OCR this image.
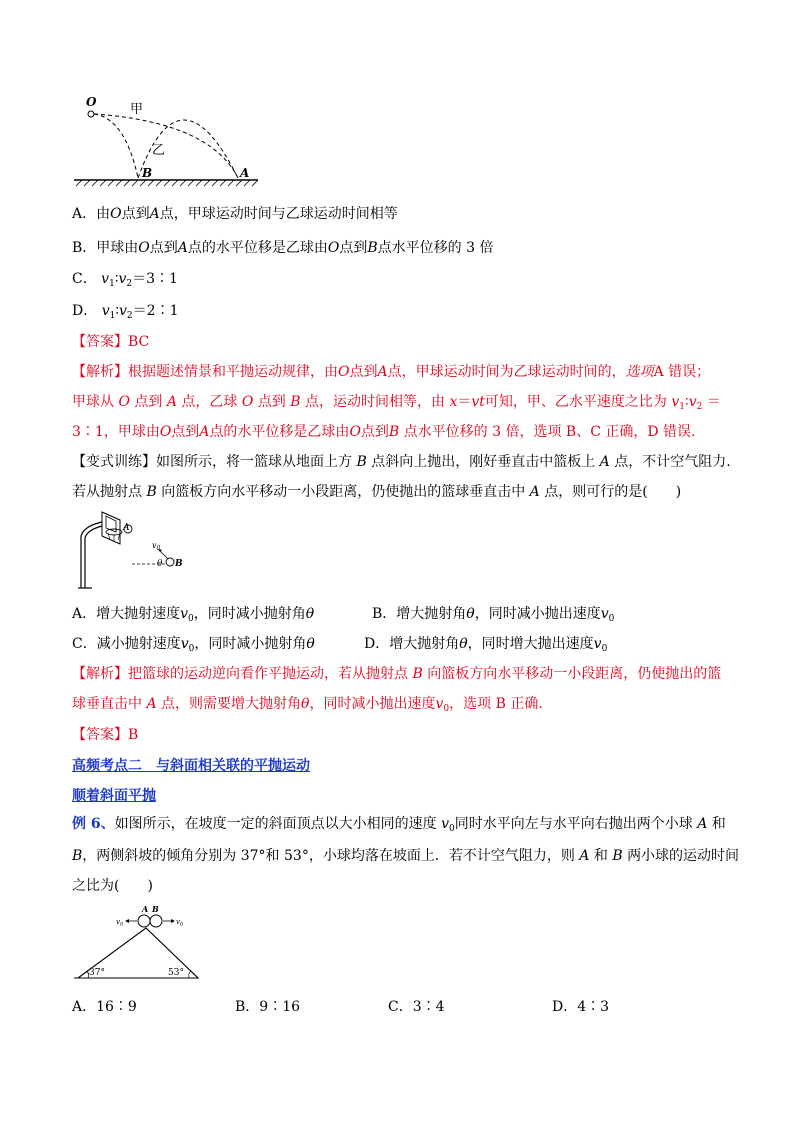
O	甲
乙
B	A
A．由O点到A点，甲球运动时间与乙球运动时间相等
B．甲球由O点到A点的水平位移是乙球由O点到B点水平位移的 3 倍
C． $v_1∶v_2=3∶1$
D． $v_1∶v_2=2∶1$
【答案】BC
【解析】根据题述情景和平抛运动规律，由O点到A点，甲球运动时间为乙球运动时间的，选项A 错误；
甲球从 O 点到 A 点，乙球 O 点到 B 点，运动时间相等，由 x＝vt可知，甲、乙水平速度之比为 $v_1∶v_2$ ＝
3∶1，甲球由O点到A点的水平位移是乙球由O点到B 点水平位移的 3 倍，选项 B、C 正确，D 错误.
【变式训练】如图所示，将一篮球从地面上方 B 点斜向上抛出，刚好垂直击中篮板上 A 点，不计空气阻力.
若从抛射点 B 向篮板方向水平移动一小段距离，仍使抛出的篮球垂直击中 A 点，则可行的是(　　)
A
$v_0$
θ B
A．增大抛射速度$v_0$，同时减小抛射角θ	B．增大抛射角θ，同时减小抛出速度$v_0$
C．减小抛射速度$v_0$，同时减小抛射角θ	D．增大抛射角θ，同时增大抛出速度$v_0$
【解析】把篮球的运动逆向看作平抛运动，若从抛射点 B 向篮板方向水平移动一小段距离，仍使抛出的篮
球垂直击中 A 点，则需要增大抛射角θ，同时减小抛出速度$v_0$，选项 B 正确.
【答案】B
高频考点二　与斜面相关联的平抛运动
顺着斜面平抛
例 6、如图所示，在坡度一定的斜面顶点以大小相同的速度 $v_0$同时水平向左与水平向右抛出两个小球 A 和
B，两侧斜坡的倾角分别为 37°和 53°，小球均落在坡面上．若不计空气阻力，则 A 和 B 两小球的运动时间
之比为(　　)
A B
$v_0$	$v_0$
37°	53°
A．16∶9	B．9∶16	C．3∶4	D．4∶3
